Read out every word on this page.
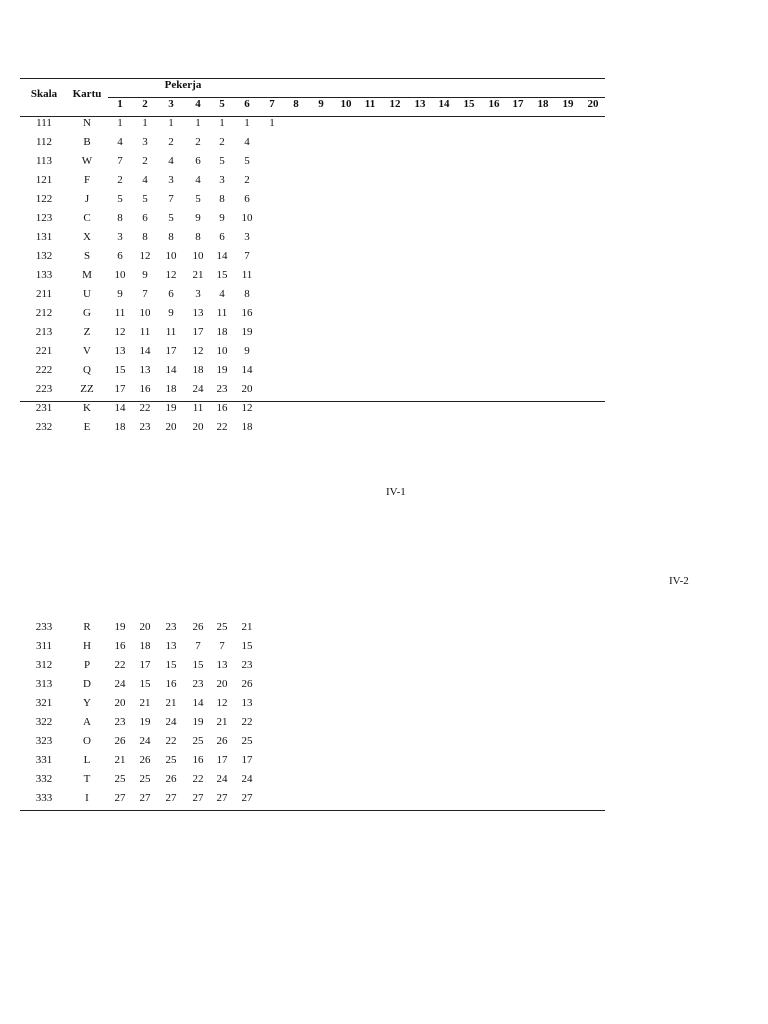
Skala	Kartu
Pekerja
1	2	3	4	5	6	7	8	9	10	11	12	13	14	15	16	17	18	19	20
111	N	1	1	1	1	1	1	1
112	B	4	3	2	2	2	4
113	W	7	2	4	6	5	5
121	F	2	4	3	4	3	2
122	J	5	5	7	5	8	6
123	C	8	6	5	9	9	10
131	X	3	8	8	8	6	3
132	S	6	12	10	10	14	7
133	M	10	9	12	21	15	11
211	U	9	7	6	3	4	8
212	G	11	10	9	13	11	16
213	Z	12	11	11	17	18	19
221	V	13	14	17	12	10	9
222	Q	15	13	14	18	19	14
223	ZZ	17	16	18	24	23	20
231	K	14	22	19	11	16	12
232	E	18	23	20	20	22	18
233	R	19	20	23	26	25	21
311	H	16	18	13	7	7	15
312	P	22	17	15	15	13	23
313	D	24	15	16	23	20	26
321	Y	20	21	21	14	12	13
322	A	23	19	24	19	21	22
323	O	26	24	22	25	26	25
331	L	21	26	25	16	17	17
332	T	25	25	26	22	24	24
333	I	27	27	27	27	27	27
IV-1
IV-2
